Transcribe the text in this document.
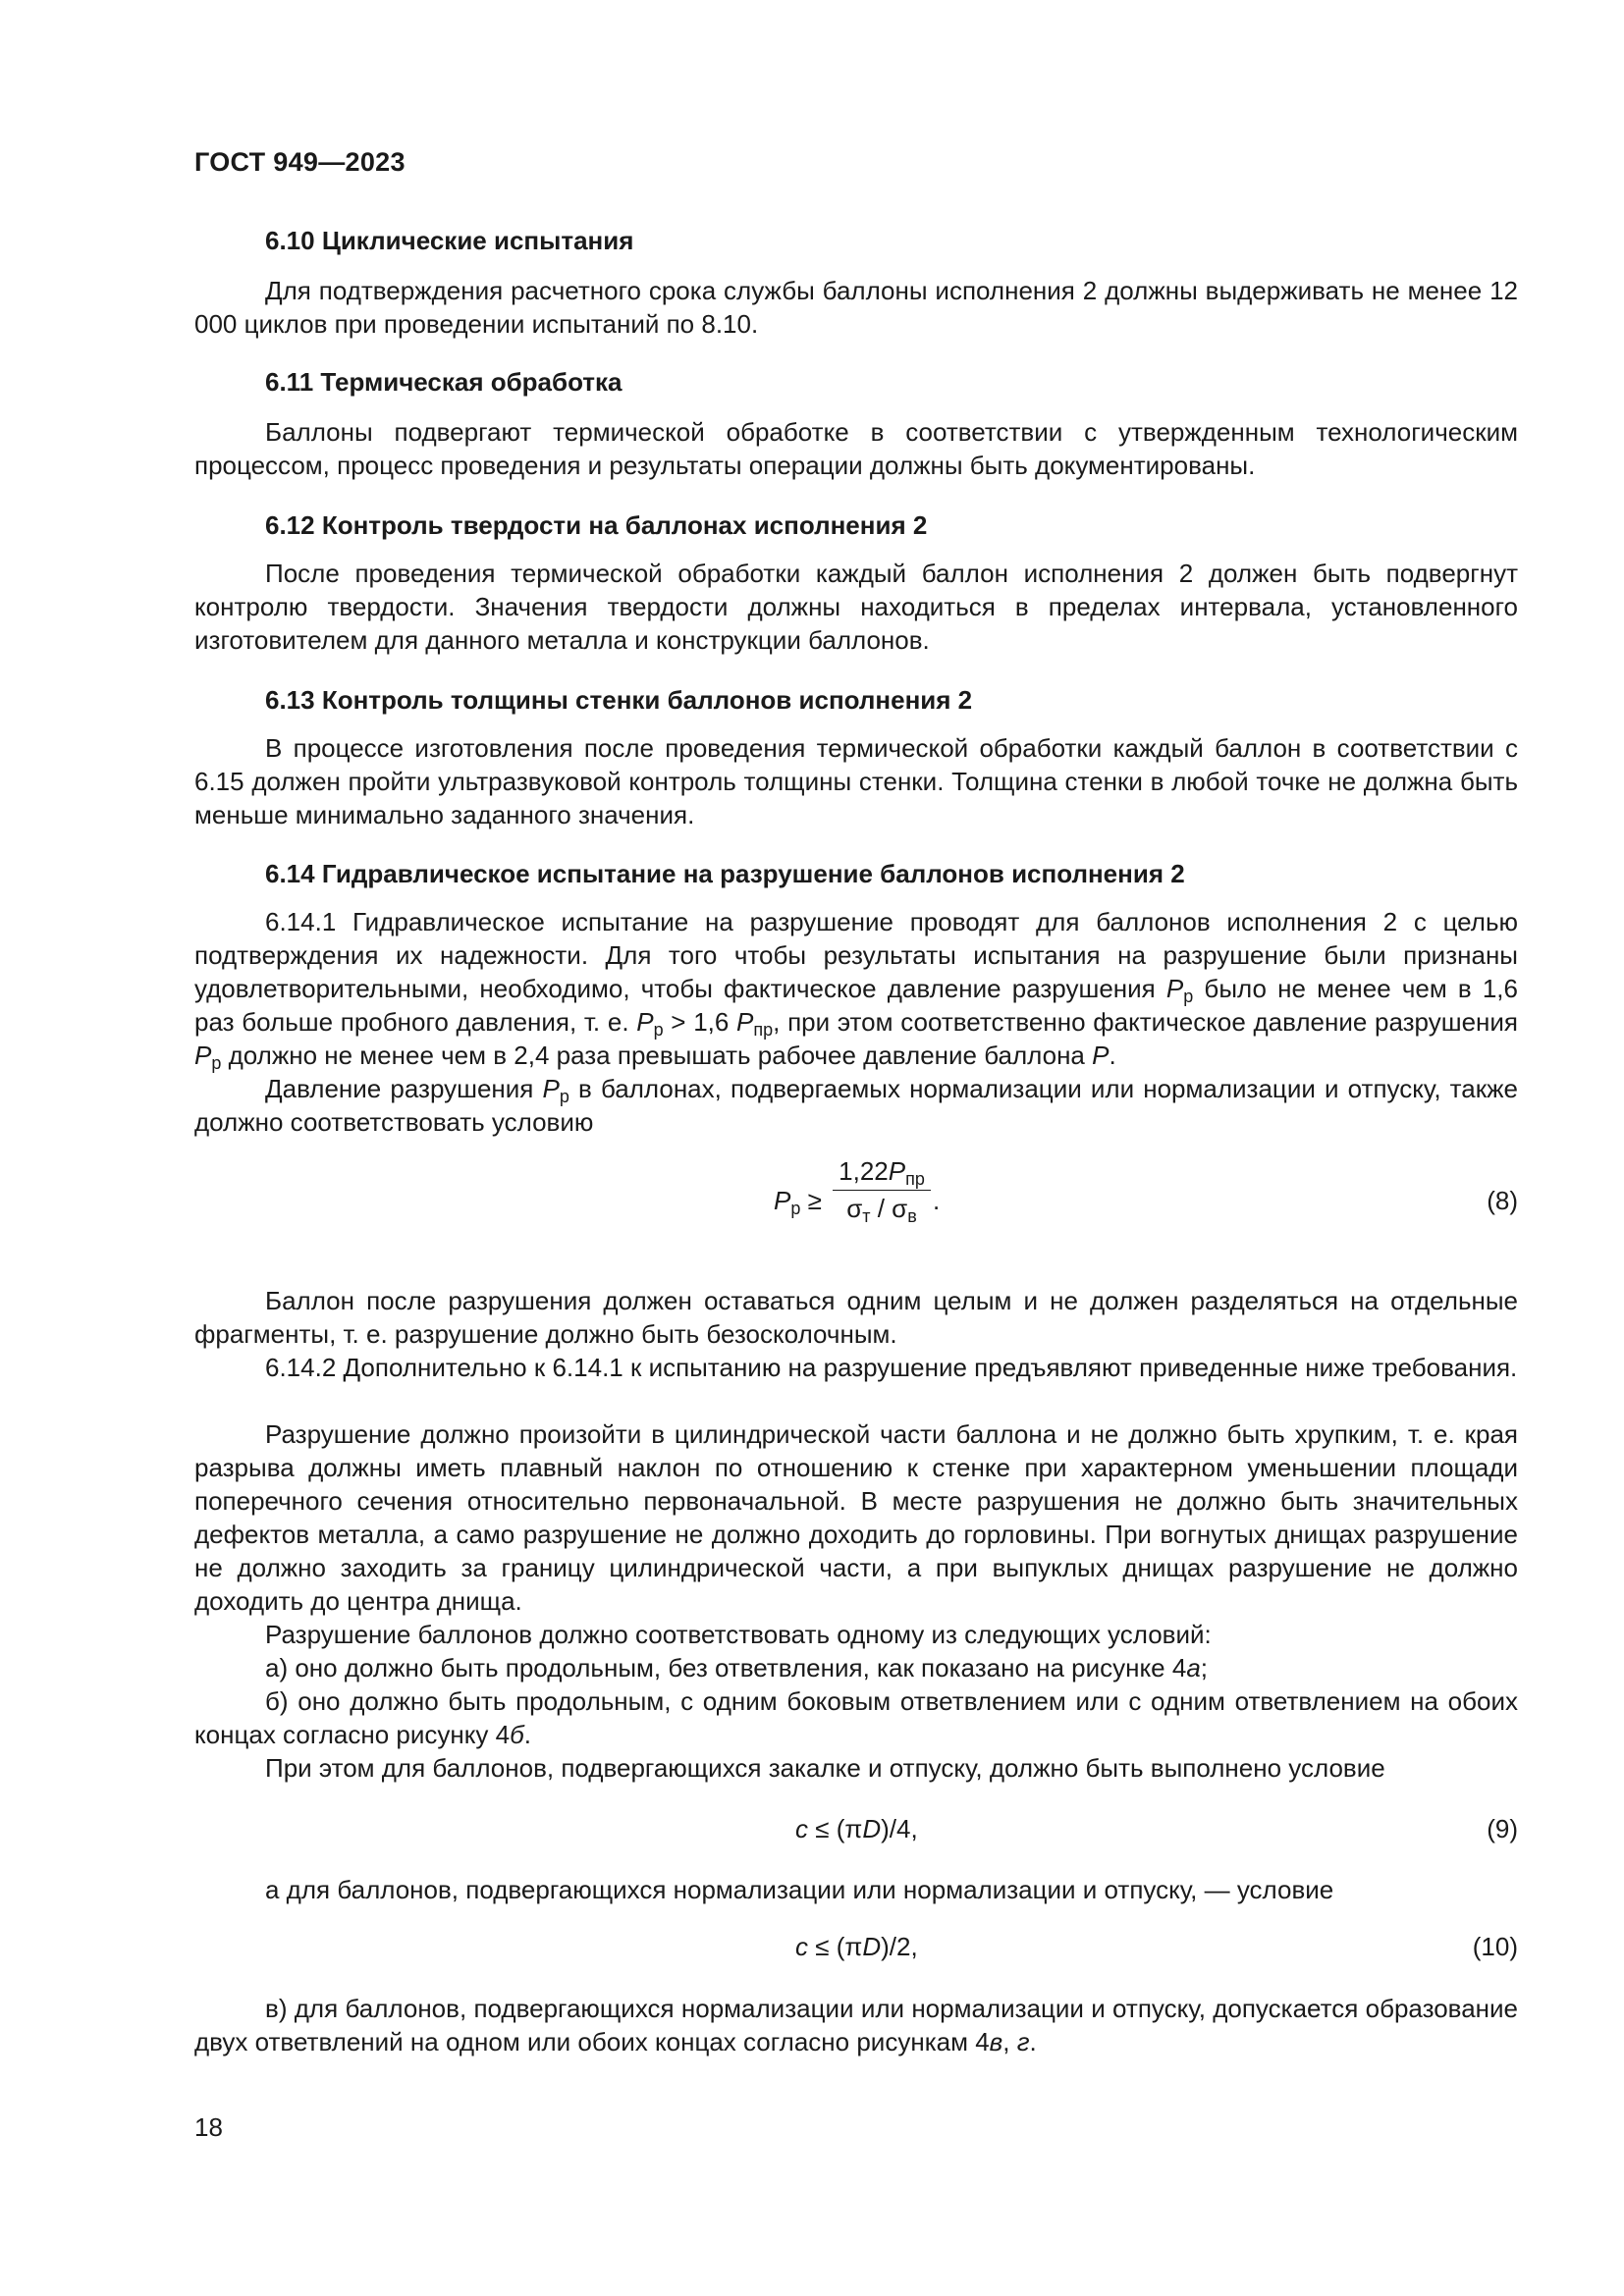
ГОСТ 949—2023
6.10 Циклические испытания
Для подтверждения расчетного срока службы баллоны исполнения 2 должны выдерживать не менее 12 000 циклов при проведении испытаний по 8.10.
6.11 Термическая обработка
Баллоны подвергают термической обработке в соответствии с утвержденным технологическим процессом, процесс проведения и результаты операции должны быть документированы.
6.12 Контроль твердости на баллонах исполнения 2
После проведения термической обработки каждый баллон исполнения 2 должен быть подвергнут контролю твердости. Значения твердости должны находиться в пределах интервала, установленного изготовителем для данного металла и конструкции баллонов.
6.13 Контроль толщины стенки баллонов исполнения 2
В процессе изготовления после проведения термической обработки каждый баллон в соответствии с 6.15 должен пройти ультразвуковой контроль толщины стенки. Толщина стенки в любой точке не должна быть меньше минимально заданного значения.
6.14 Гидравлическое испытание на разрушение баллонов исполнения 2
6.14.1 Гидравлическое испытание на разрушение проводят для баллонов исполнения 2 с целью подтверждения их надежности. Для того чтобы результаты испытания на разрушение были признаны удовлетворительными, необходимо, чтобы фактическое давление разрушения $P_р$ было не менее чем в 1,6 раз больше пробного давления, т. е. $P_р > 1,6$ $P_{пр}$, при этом соответственно фактическое давление разрушения $P_р$ должно не менее чем в 2,4 раза превышать рабочее давление баллона P.
Давление разрушения $P_р$ в баллонах, подвергаемых нормализации или нормализации и отпуску, также должно соответствовать условию
$P_р$ ≥
$1,22P_{пр}$
$\sigma_т / \sigma_в$
.	(8)
Баллон после разрушения должен оставаться одним целым и не должен разделяться на отдельные фрагменты, т. е. разрушение должно быть безосколочным.
6.14.2 Дополнительно к 6.14.1 к испытанию на разрушение предъявляют приведенные ниже требования.
Разрушение должно произойти в цилиндрической части баллона и не должно быть хрупким, т. е. края разрыва должны иметь плавный наклон по отношению к стенке при характерном уменьшении площади поперечного сечения относительно первоначальной. В месте разрушения не должно быть значительных дефектов металла, а само разрушение не должно доходить до горловины. При вогнутых днищах разрушение не должно заходить за границу цилиндрической части, а при выпуклых днищах разрушение не должно доходить до центра днища.
Разрушение баллонов должно соответствовать одному из следующих условий:
а) оно должно быть продольным, без ответвления, как показано на рисунке 4а;
б) оно должно быть продольным, с одним боковым ответвлением или с одним ответвлением на обоих концах согласно рисунку 4б.
При этом для баллонов, подвергающихся закалке и отпуску, должно быть выполнено условие
c ≤ (πD)/4,	(9)
а для баллонов, подвергающихся нормализации или нормализации и отпуску, — условие
c ≤ (πD)/2,	(10)
в) для баллонов, подвергающихся нормализации или нормализации и отпуску, допускается образование двух ответвлений на одном или обоих концах согласно рисункам 4в, г.
18
